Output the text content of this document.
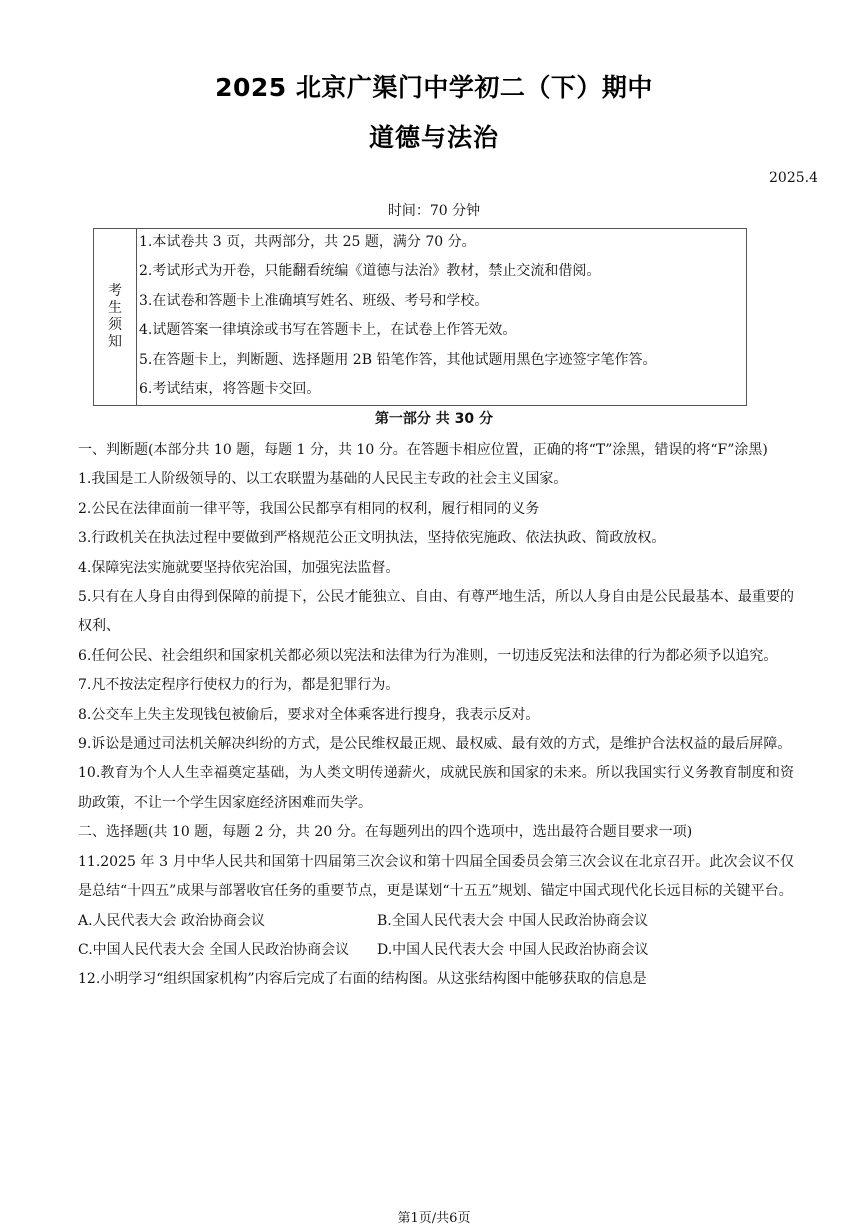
2025 北京广渠门中学初二（下）期中
道德与法治
2025.4
时间：70 分钟
考
生
须
知
1.本试卷共 3 页，共两部分，共 25 题，满分 70 分。
2.考试形式为开卷，只能翻看统编《道德与法治》教材，禁止交流和借阅。
3.在试卷和答题卡上准确填写姓名、班级、考号和学校。
4.试题答案一律填涂或书写在答题卡上，在试卷上作答无效。
5.在答题卡上，判断题、选择题用 2B 铅笔作答，其他试题用黑色字迹签字笔作答。
6.考试结束，将答题卡交回。
第一部分 共 30 分

一、判断题(本部分共 10 题，每题 1 分，共 10 分。在答题卡相应位置，正确的将“T”涂黑，错误的将“F”涂黑)

1.我国是工人阶级领导的、以工农联盟为基础的人民民主专政的社会主义国家。

2.公民在法律面前一律平等，我国公民都享有相同的权利，履行相同的义务

3.行政机关在执法过程中要做到严格规范公正文明执法，坚持依宪施政、依法执政、简政放权。

4.保障宪法实施就要坚持依宪治国，加强宪法监督。

5.只有在人身自由得到保障的前提下，公民才能独立、自由、有尊严地生活，所以人身自由是公民最基本、最重要的权利、

6.任何公民、社会组织和国家机关都必须以宪法和法律为行为准则，一切违反宪法和法律的行为都必须予以追究。

7.凡不按法定程序行使权力的行为，都是犯罪行为。

8.公交车上失主发现钱包被偷后，要求对全体乘客进行搜身，我表示反对。

9.诉讼是通过司法机关解决纠纷的方式，是公民维权最正规、最权威、最有效的方式，是维护合法权益的最后屏障。

10.教育为个人人生幸福奠定基础，为人类文明传递薪火，成就民族和国家的未来。所以我国实行义务教育制度和资助政策，不让一个学生因家庭经济困难而失学。

二、选择题(共 10 题，每题 2 分，共 20 分。在每题列出的四个选项中，选出最符合题目要求一项)

11.2025 年 3 月中华人民共和国第十四届第三次会议和第十四届全国委员会第三次会议在北京召开。此次会议不仅是总结“十四五”成果与部署收官任务的重要节点，更是谋划“十五五”规划、锚定中国式现代化长远目标的关键平台。

A.人民代表大会 政治协商会议	B.全国人民代表大会 中国人民政治协商会议
C.中国人民代表大会 全国人民政治协商会议	D.中国人民代表大会 中国人民政治协商会议

12.小明学习“组织国家机构”内容后完成了右面的结构图。从这张结构图中能够获取的信息是

第1页/共6页
